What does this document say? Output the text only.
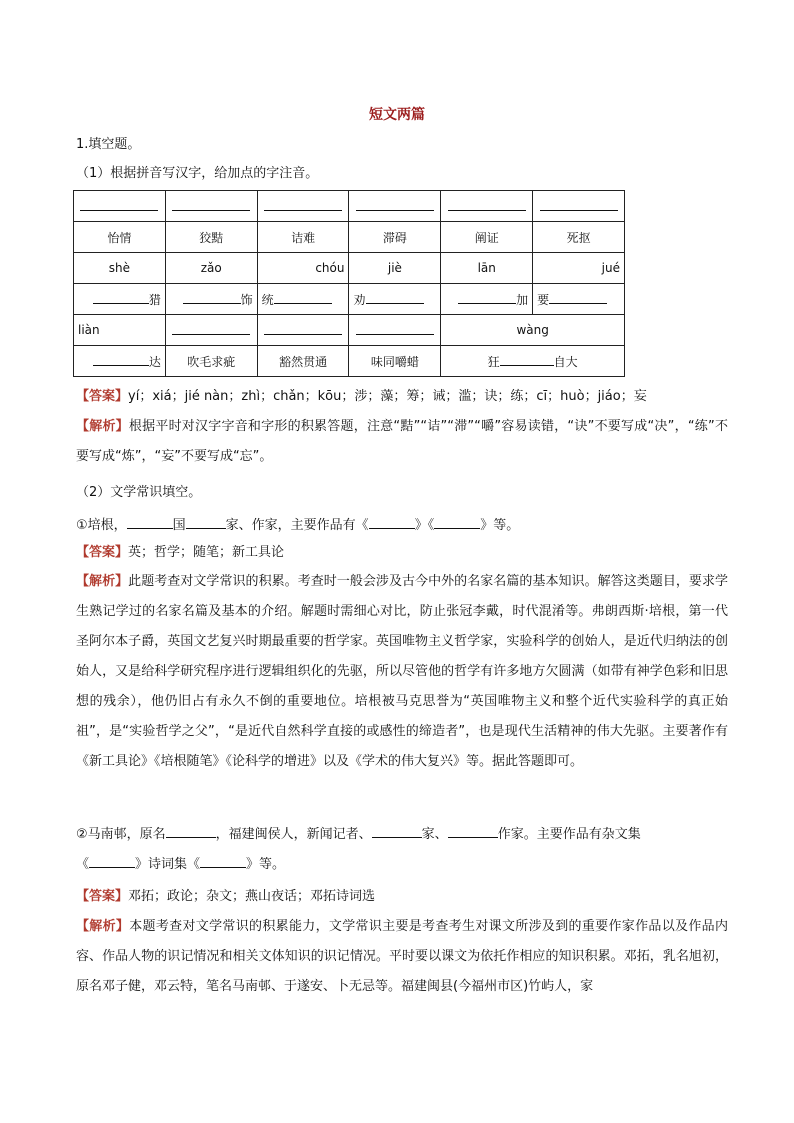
短文两篇
1.填空题。
（1）根据拼音写汉字，给加点的字注音。

怡情	狡黠	诘难	滞碍	阐证	死抠
shè	zǎo	chóu	jiè	lān	jué
猎	饰	统	劝	加	要
liàn				wàng	
达	吹毛求疵	豁然贯通	味同嚼蜡	狂 自大	
【答案】yí；xiá；jié nàn；zhì；chǎn；kōu；涉；藻；筹；诫；滥；诀；练；cī；huò；jiáo；妄
【解析】根据平时对汉字字音和字形的积累答题，注意“黠”“诘”“滞”“嚼”容易读错，“诀”不要写成“决”，“练”不要写成“炼”，“妄”不要写成“忘”。
（2）文学常识填空。
①培根，	国	家、作家，主要作品有《	》《	》等。
【答案】英；哲学；随笔；新工具论
【解析】此题考查对文学常识的积累。考查时一般会涉及古今中外的名家名篇的基本知识。解答这类题目，要求学生熟记学过的名家名篇及基本的介绍。解题时需细心对比，防止张冠李戴，时代混淆等。弗朗西斯·培根，第一代圣阿尔本子爵，英国文艺复兴时期最重要的哲学家。英国唯物主义哲学家，实验科学的创始人，是近代归纳法的创始人，又是给科学研究程序进行逻辑组织化的先驱，所以尽管他的哲学有许多地方欠圆满（如带有神学色彩和旧思想的残余），他仍旧占有永久不倒的重要地位。培根被马克思誉为“英国唯物主义和整个近代实验科学的真正始祖”，是“实验哲学之父”，“是近代自然科学直接的或感性的缔造者”，也是现代生活精神的伟大先驱。主要著作有《新工具论》《培根随笔》《论科学的增进》以及《学术的伟大复兴》等。据此答题即可。
②马南邨，原名	，福建闽侯人，新闻记者、	家、	作家。主要作品有杂文集
《	》诗词集《	》等。
【答案】邓拓；政论；杂文；燕山夜话；邓拓诗词选
【解析】本题考查对文学常识的积累能力，文学常识主要是考查考生对课文所涉及到的重要作家作品以及作品内容、作品人物的识记情况和相关文体知识的识记情况。平时要以课文为依托作相应的知识积累。邓拓，乳名旭初，原名邓子健，邓云特，笔名马南邨、于遂安、卜无忌等。福建闽县(今福州市区)竹屿人，家
